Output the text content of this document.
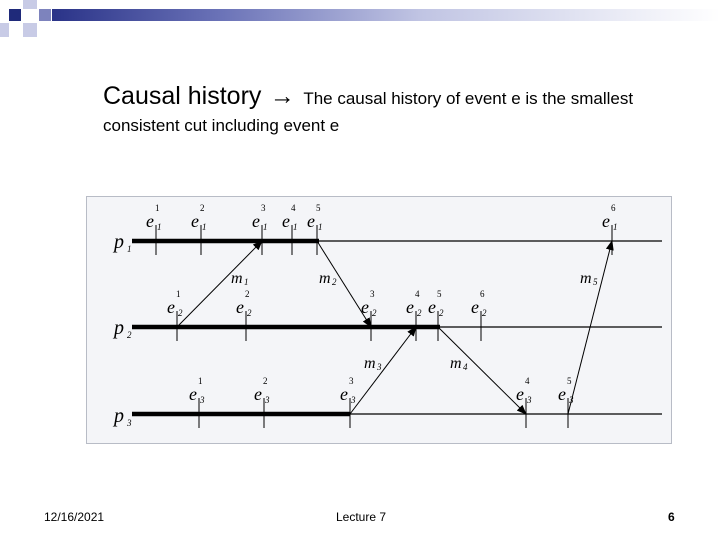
Causal history → The causal history of event e is the smallest
consistent cut including event e
p 1
p 2
p 3
e 1
1
e 1
2
e 1
3
e 1
4
e 1
5
e 1
6
e 2
1
e 2
2
e 2
3
e 2
4
e 2
5
e 2
6
e 3
1
e 3
2
e 3
3
e 3
4
e 3
5
m 1	m 2
m 3	m 4
m 5
12/16/2021	Lecture 7	6
